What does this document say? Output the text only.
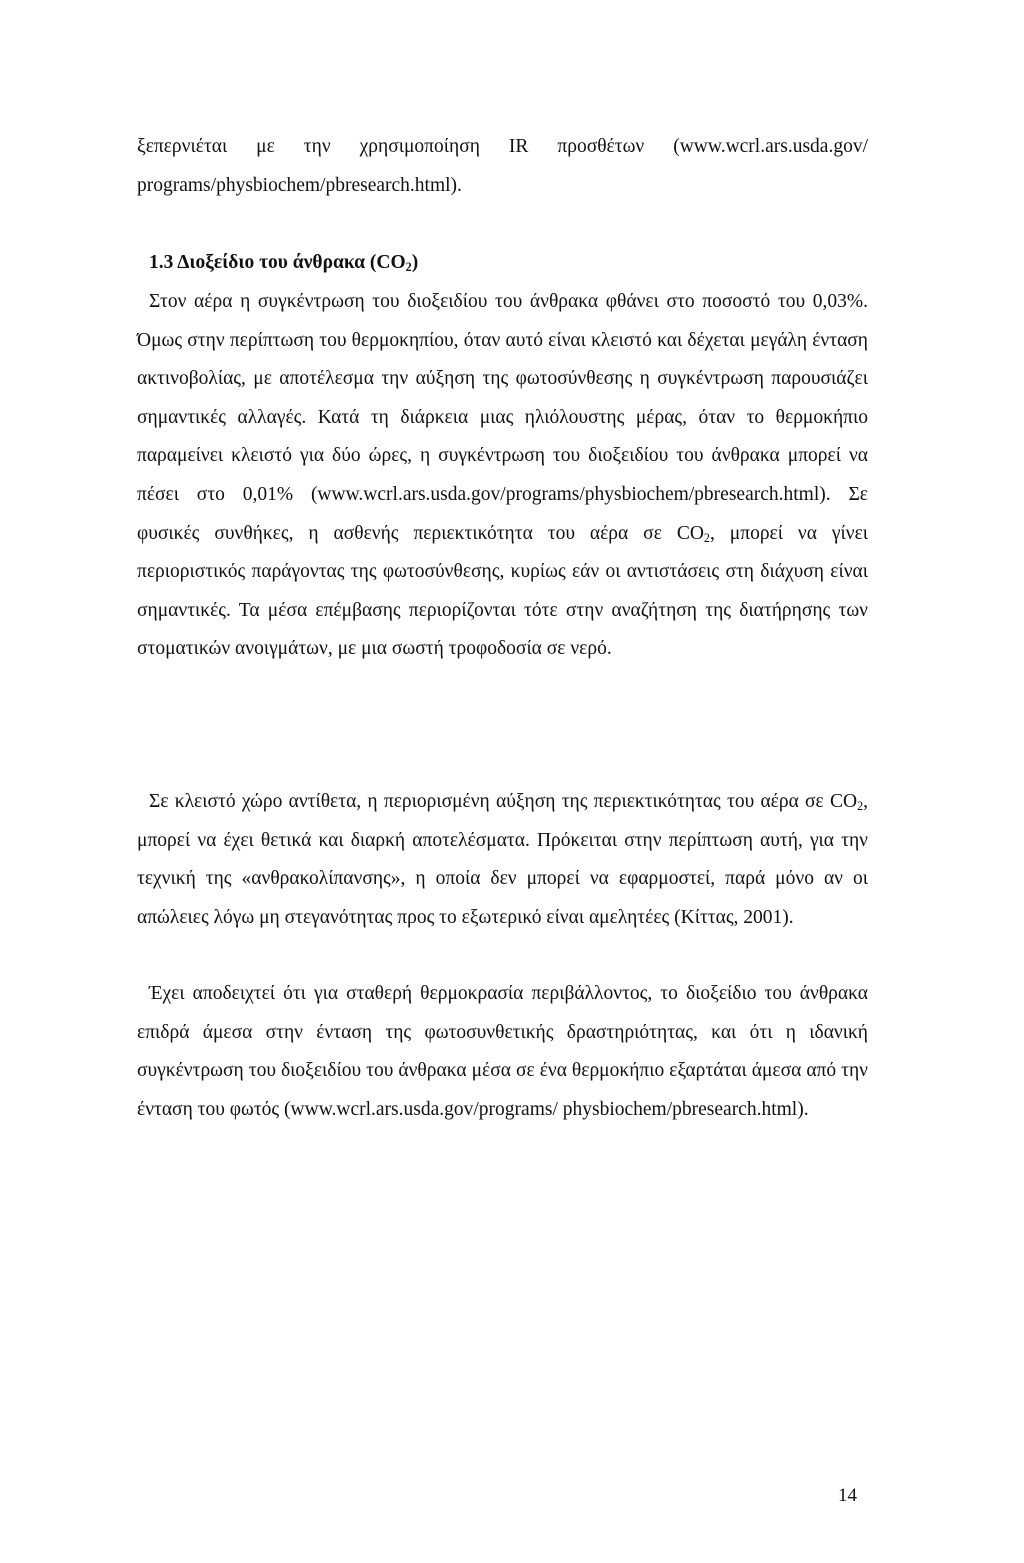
ξεπερνιέται με την χρησιμοποίηση IR προσθέτων (www.wcrl.ars.usda.gov/ programs/physbiochem/pbresearch.html).

1.3 Διοξείδιο του άνθρακα $(CO_2)$

Στον αέρα η συγκέντρωση του διοξειδίου του άνθρακα φθάνει στο ποσοστό του 0,03%. Όμως στην περίπτωση του θερμοκηπίου, όταν αυτό είναι κλειστό και δέχεται μεγάλη ένταση ακτινοβολίας, με αποτέλεσμα την αύξηση της φωτοσύνθεσης η συγκέντρωση παρουσιάζει σημαντικές αλλαγές. Κατά τη διάρκεια μιας ηλιόλουστης μέρας, όταν το θερμοκήπιο παραμείνει κλειστό για δύο ώρες, η συγκέντρωση του διοξειδίου του άνθρακα μπορεί να πέσει στο 0,01% (www.wcrl.ars.usda.gov/programs/physbiochem/pbresearch.html). Σε φυσικές συνθήκες, η ασθενής περιεκτικότητα του αέρα σε $CO_2$, μπορεί να γίνει περιοριστικός παράγοντας της φωτοσύνθεσης, κυρίως εάν οι αντιστάσεις στη διάχυση είναι σημαντικές. Τα μέσα επέμβασης περιορίζονται τότε στην αναζήτηση της διατήρησης των στοματικών ανοιγμάτων, με μια σωστή τροφοδοσία σε νερό.

Σε κλειστό χώρο αντίθετα, η περιορισμένη αύξηση της περιεκτικότητας του αέρα σε $CO_2$, μπορεί να έχει θετικά και διαρκή αποτελέσματα. Πρόκειται στην περίπτωση αυτή, για την τεχνική της «ανθρακολίπανσης», η οποία δεν μπορεί να εφαρμοστεί, παρά μόνο αν οι απώλειες λόγω μη στεγανότητας προς το εξωτερικό είναι αμελητέες (Κίττας, 2001).

Έχει αποδειχτεί ότι για σταθερή θερμοκρασία περιβάλλοντος, το διοξείδιο του άνθρακα επιδρά άμεσα στην ένταση της φωτοσυνθετικής δραστηριότητας, και ότι η ιδανική συγκέντρωση του διοξειδίου του άνθρακα μέσα σε ένα θερμοκήπιο εξαρτάται άμεσα από την ένταση του φωτός (www.wcrl.ars.usda.gov/programs/ physbiochem/pbresearch.html).

14
